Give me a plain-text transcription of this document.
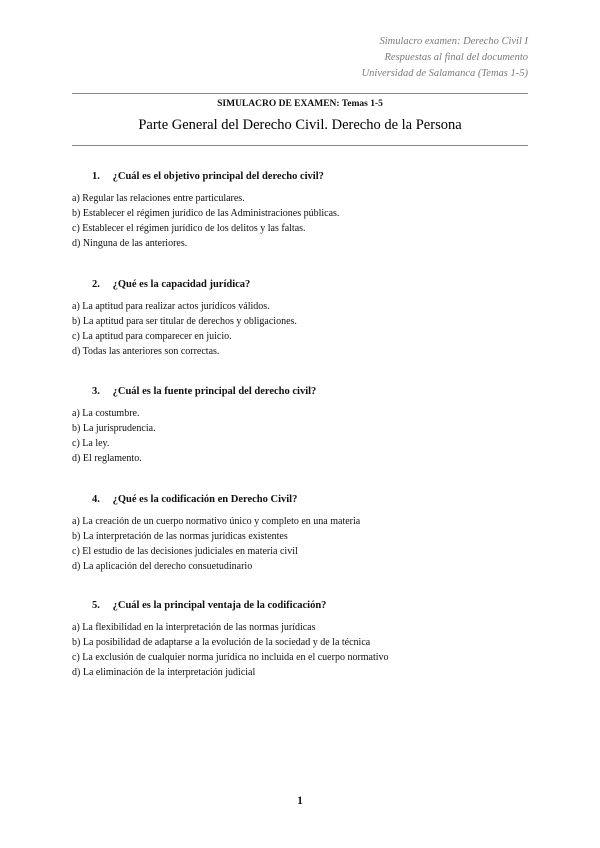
Simulacro examen: Derecho Civil I
Respuestas al final del documento
Universidad de Salamanca (Temas 1-5)
SIMULACRO DE EXAMEN: Temas 1-5
Parte General del Derecho Civil. Derecho de la Persona
1. ¿Cuál es el objetivo principal del derecho civil?
a) Regular las relaciones entre particulares.
b) Establecer el régimen jurídico de las Administraciones públicas.
c) Establecer el régimen jurídico de los delitos y las faltas.
d) Ninguna de las anteriores.
2. ¿Qué es la capacidad jurídica?
a) La aptitud para realizar actos jurídicos válidos.
b) La aptitud para ser titular de derechos y obligaciones.
c) La aptitud para comparecer en juicio.
d) Todas las anteriores son correctas.
3. ¿Cuál es la fuente principal del derecho civil?
a) La costumbre.
b) La jurisprudencia.
c) La ley.
d) El reglamento.
4. ¿Qué es la codificación en Derecho Civil?
a) La creación de un cuerpo normativo único y completo en una materia
b) La interpretación de las normas jurídicas existentes
c) El estudio de las decisiones judiciales en materia civil
d) La aplicación del derecho consuetudinario
5. ¿Cuál es la principal ventaja de la codificación?
a) La flexibilidad en la interpretación de las normas jurídicas
b) La posibilidad de adaptarse a la evolución de la sociedad y de la técnica
c) La exclusión de cualquier norma jurídica no incluida en el cuerpo normativo
d) La eliminación de la interpretación judicial
1
